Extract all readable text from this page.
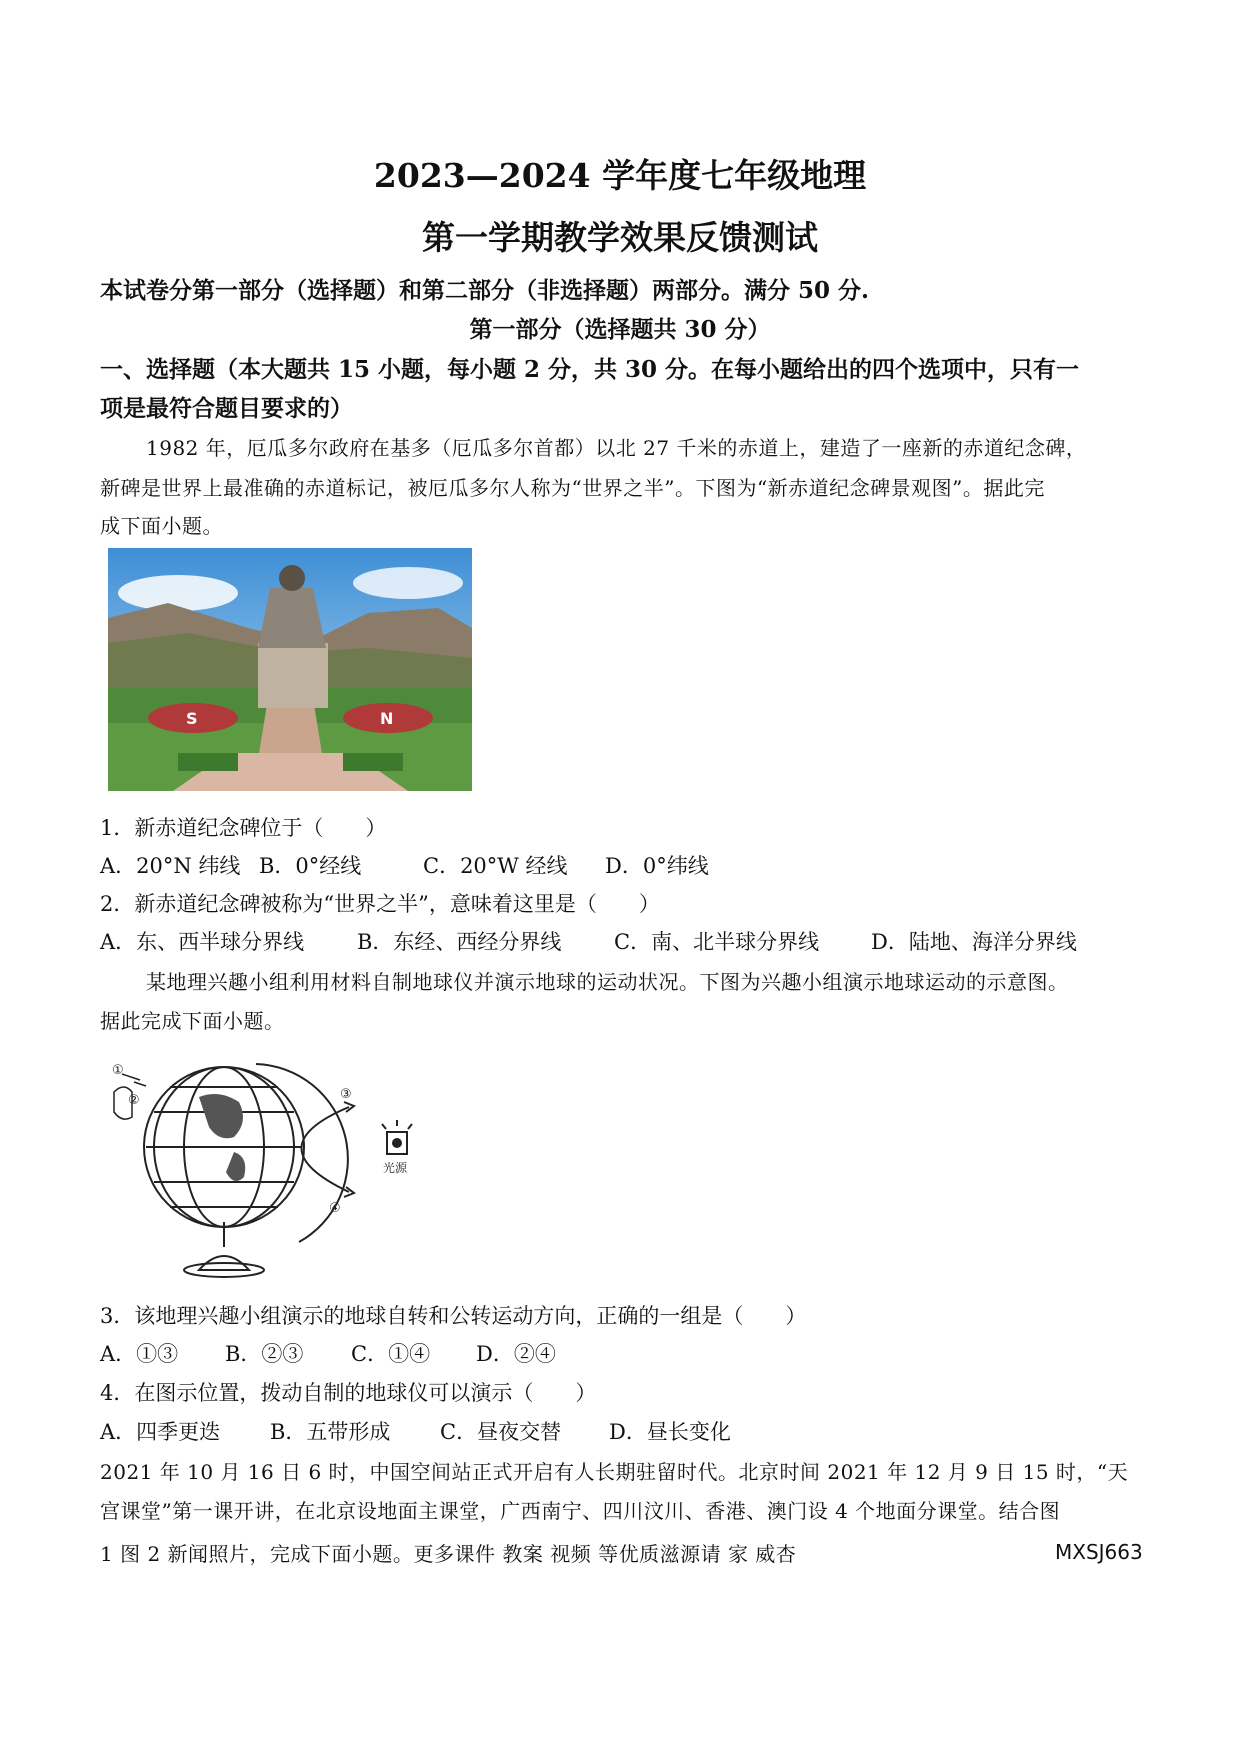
2023—2024 学年度七年级地理
第一学期教学效果反馈测试
本试卷分第一部分（选择题）和第二部分（非选择题）两部分。满分 50 分.
第一部分（选择题共 30 分）
一、选择题（本大题共 15 小题，每小题 2 分，共 30 分。在每小题给出的四个选项中，只有一
项是最符合题目要求的）
1982 年，厄瓜多尔政府在基多（厄瓜多尔首都）以北 27 千米的赤道上，建造了一座新的赤道纪念碑，
新碑是世界上最准确的赤道标记，被厄瓜多尔人称为“世界之半”。下图为“新赤道纪念碑景观图”。据此完
成下面小题。
S	N
1．新赤道纪念碑位于（　　）
A．20°N 纬线 B．0°经线	C．20°W 经线 D．0°纬线
2．新赤道纪念碑被称为“世界之半”，意味着这里是（　　）
A．东、西半球分界线	B．东经、西经分界线	C．南、北半球分界线 D．陆地、海洋分界线
某地理兴趣小组利用材料自制地球仪并演示地球的运动状况。下图为兴趣小组演示地球运动的示意图。
据此完成下面小题。
①
②	③
④
光源
3．该地理兴趣小组演示的地球自转和公转运动方向，正确的一组是（　　）
A．①③ B．②③ C．①④ D．②④
4．在图示位置，拨动自制的地球仪可以演示（　　）
A．四季更迭 B．五带形成 C．昼夜交替 D．昼长变化
2021 年 10 月 16 日 6 时，中国空间站正式开启有人长期驻留时代。北京时间 2021 年 12 月 9 日 15 时，“天
宫课堂”第一课开讲，在北京设地面主课堂，广西南宁、四川汶川、香港、澳门设 4 个地面分课堂。结合图
1 图 2 新闻照片，完成下面小题。更多课件 教案 视频 等优质滋源请 家 威杏	MXSJ663
